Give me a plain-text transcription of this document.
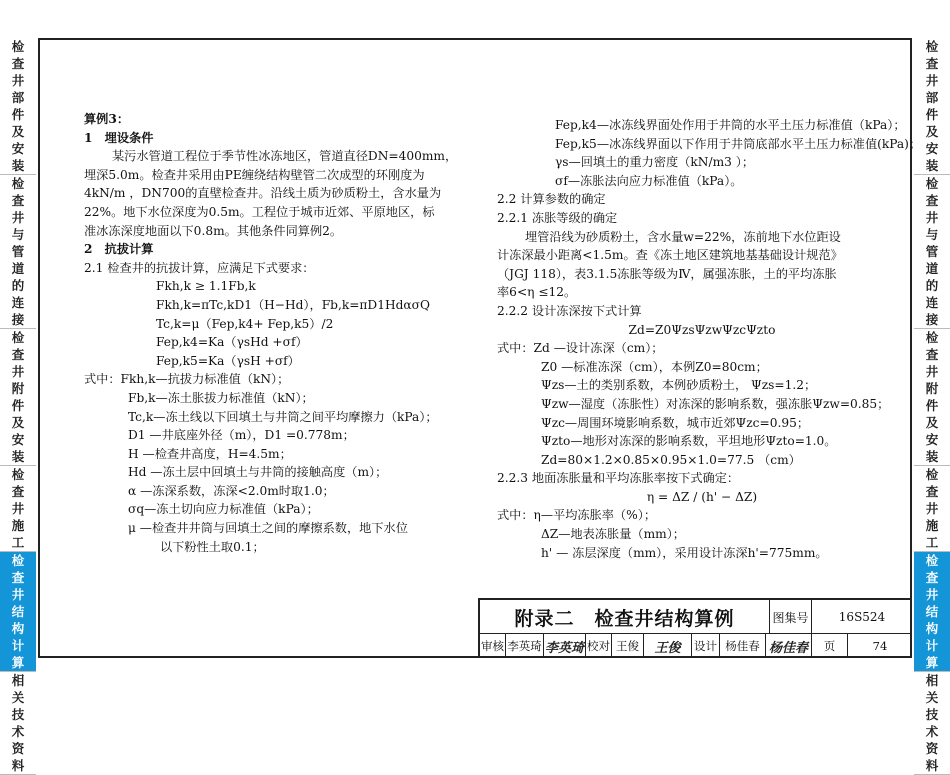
检查井部件及安装
检查井与管道的连接
检查井附件及安装
检查井施工
检查井结构计算
相关技术资料
检查井部件及安装
检查井与管道的连接
检查井附件及安装
检查井施工
检查井结构计算
相关技术资料
算例3：
1　埋设条件
某污水管道工程位于季节性冰冻地区，管道直径DN=400mm，
埋深5.0m。检查井采用由PE缠绕结构壁管二次成型的环刚度为
4kN/m ，DN700的直壁检查井。沿线土质为砂质粉土，含水量为
22%。地下水位深度为0.5m。工程位于城市近郊、平原地区，标
准冰冻深度地面以下0.8m。其他条件同算例2。
2　抗拔计算
2.1 检查井的抗拔计算，应满足下式要求：
Fkh,k ≥ 1.1Fb,k
Fkh,k=πTc,kD1（H−Hd），Fb,k=πD1HdασQ
Tc,k=μ（Fep,k4+ Fep,k5）/2
Fep,k4=Ka（γsHd +σf）
Fep,k5=Ka（γsH +σf）
式中：Fkh,k—抗拔力标准值（kN）；
Fb,k—冻土胀拔力标准值（kN）；
Tc,k—冻土线以下回填土与井筒之间平均摩擦力（kPa）；
D1 —井底座外径（m），D1 =0.778m；
H —检查井高度，H=4.5m；
Hd —冻土层中回填土与井筒的接触高度（m）；
α —冻深系数，冻深<2.0m时取1.0；
σq—冻土切向应力标准值（kPa）；
μ —检查井井筒与回填土之间的摩擦系数，地下水位
以下粉性土取0.1；
Fep,k4—冰冻线界面处作用于井筒的水平土压力标准值（kPa）；
Fep,k5—冰冻线界面以下作用于井筒底部水平土压力标准值(kPa)；
γs—回填土的重力密度（kN/m3 ）；
σf—冻胀法向应力标准值（kPa）。
2.2 计算参数的确定
2.2.1 冻胀等级的确定
埋管沿线为砂质粉土，含水量w=22%，冻前地下水位距设
计冻深最小距离<1.5m。查《冻土地区建筑地基基础设计规范》
（JGJ 118），表3.1.5冻胀等级为Ⅳ，属强冻胀，土的平均冻胀
率6<η ≤12。
2.2.2 设计冻深按下式计算
Zd=Z0ΨzsΨzwΨzcΨzto
式中：Zd —设计冻深（cm）；
Z0 —标准冻深（cm），本例Z0=80cm；
Ψzs—土的类别系数，本例砂质粉土， Ψzs=1.2；
Ψzw—湿度（冻胀性）对冻深的影响系数，强冻胀Ψzw=0.85；
Ψzc—周围环境影响系数，城市近郊Ψzc=0.95；
Ψzto—地形对冻深的影响系数，平坦地形Ψzto=1.0。
Zd=80×1.2×0.85×0.95×1.0=77.5 （cm）
2.2.3 地面冻胀量和平均冻胀率按下式确定：
η = ΔZ / (h' − ΔZ)
式中：η—平均冻胀率（%）；
ΔZ—地表冻胀量（mm）；
h' — 冻层深度（mm），采用设计冻深h'=775mm。
附录二　检查井结构算例	图集号	16S524
审核 李英琦 李英琦 校对 王俊	王俊 设计 杨佳春 杨佳春	页	74
